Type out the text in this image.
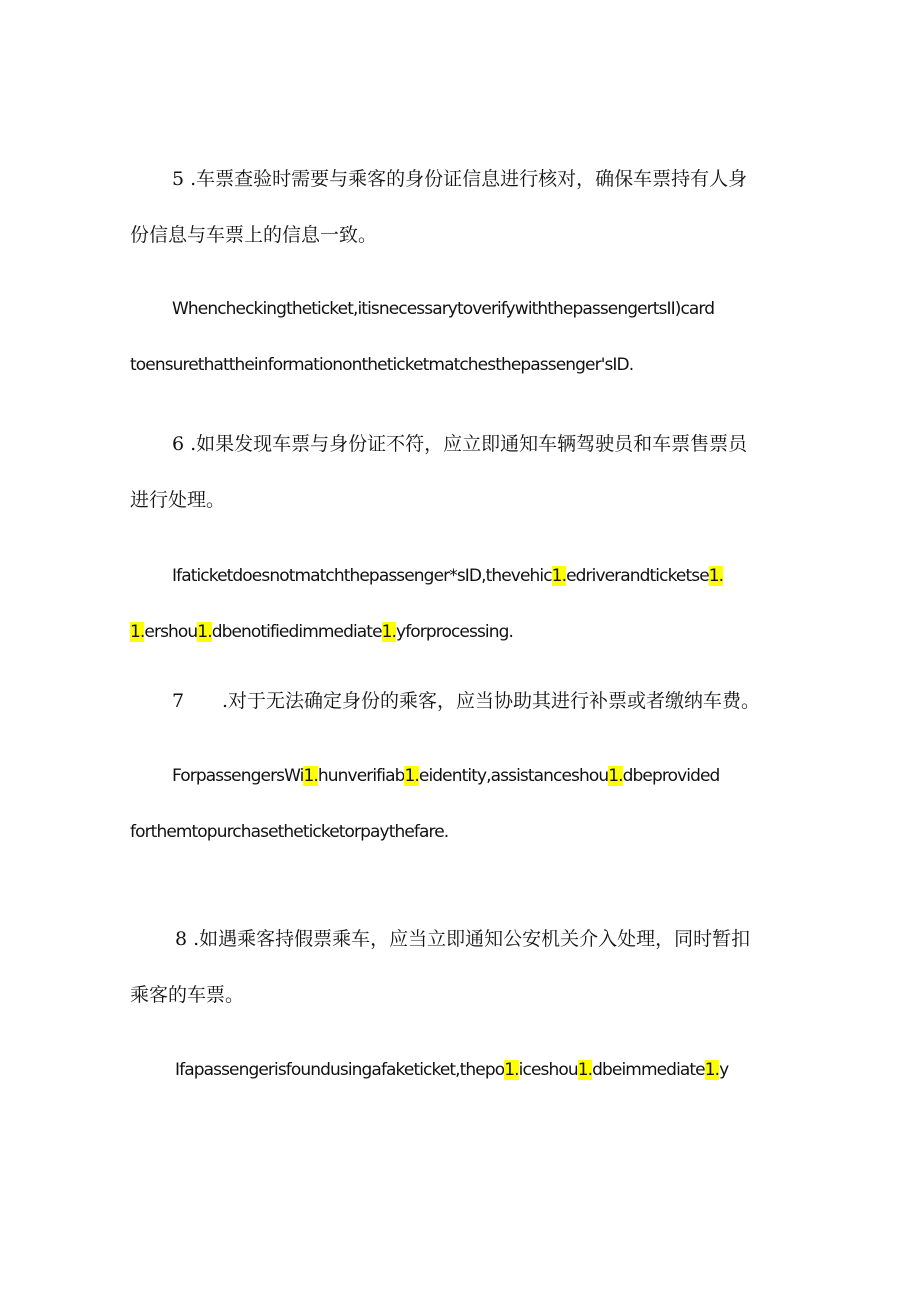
5 .车票查验时需要与乘客的身份证信息进行核对，确保车票持有人身

份信息与车票上的信息一致。

Whencheckingtheticket,itisnecessarytoverifywiththepassengertsII)card

toensurethattheinformationontheticketmatchesthepassenger'sID.

6 .如果发现车票与身份证不符，应立即通知车辆驾驶员和车票售票员

进行处理。

Ifaticketdoesnotmatchthepassenger*sID,thevehic1.edriverandticketse1.

1.ershou1.dbenotifiedimmediate1.yforprocessing.

7 .对于无法确定身份的乘客，应当协助其进行补票或者缴纳车费。

ForpassengersWi1.hunverifiab1.eidentity,assistanceshou1.dbeprovided

forthemtopurchasetheticketorpaythefare.

8 .如遇乘客持假票乘车，应当立即通知公安机关介入处理，同时暂扣

乘客的车票。

Ifapassengerisfoundusingafaketicket,thepo1.iceshou1.dbeimmediate1.y
